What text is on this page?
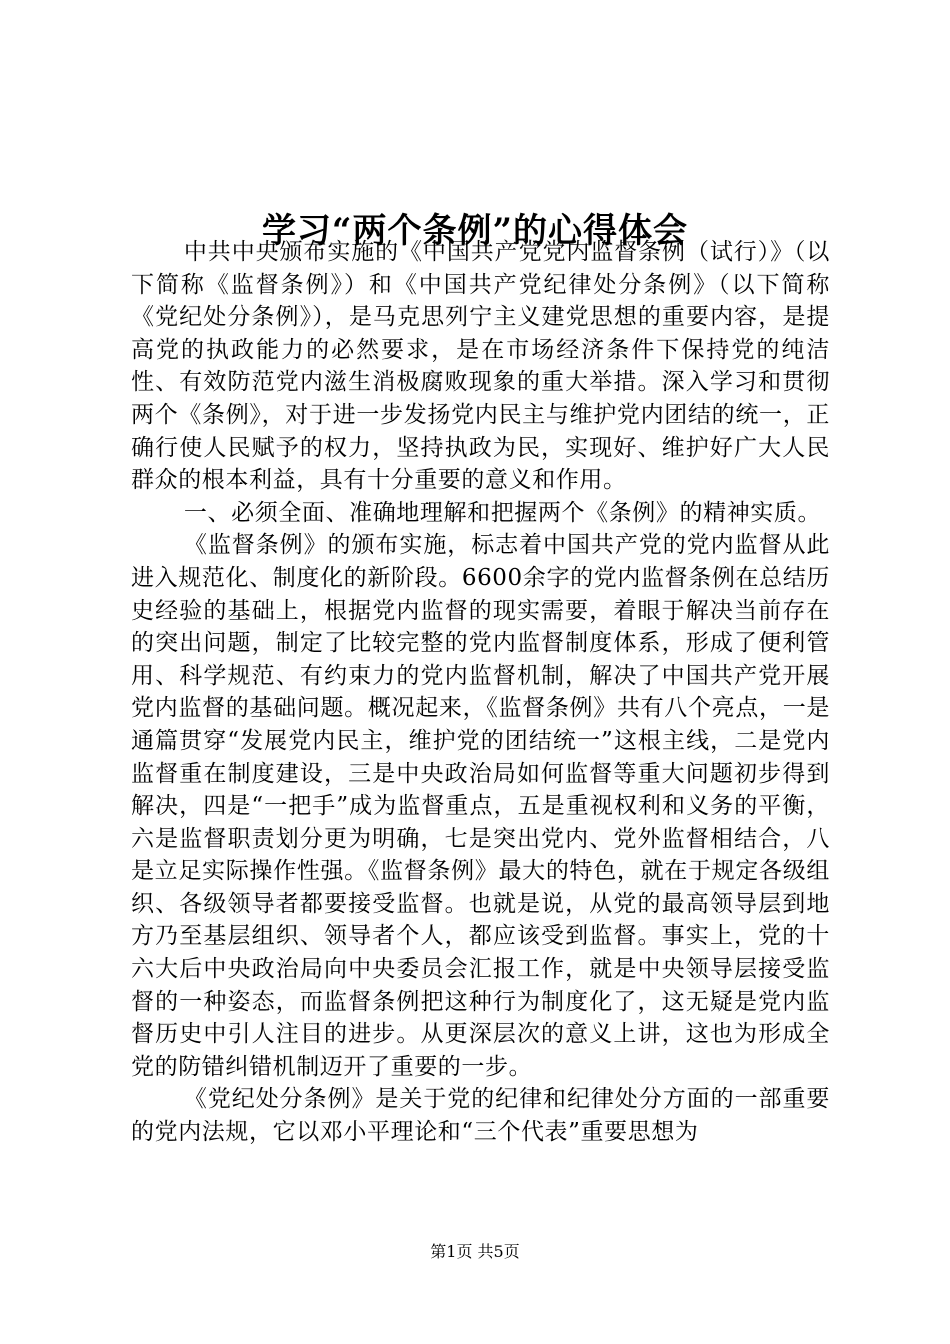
学习“两个条例”的心得体会

中共中央颁布实施的《中国共产党党内监督条例（试行）》（以下简称《监督条例》）和《中国共产党纪律处分条例》（以下简称《党纪处分条例》），是马克思列宁主义建党思想的重要内容，是提高党的执政能力的必然要求，是在市场经济条件下保持党的纯洁性、有效防范党内滋生消极腐败现象的重大举措。深入学习和贯彻两个《条例》，对于进一步发扬党内民主与维护党内团结的统一，正确行使人民赋予的权力，坚持执政为民，实现好、维护好广大人民群众的根本利益，具有十分重要的意义和作用。

一、必须全面、准确地理解和把握两个《条例》的精神实质。

《监督条例》的颁布实施，标志着中国共产党的党内监督从此进入规范化、制度化的新阶段。6600余字的党内监督条例在总结历史经验的基础上，根据党内监督的现实需要，着眼于解决当前存在的突出问题，制定了比较完整的党内监督制度体系，形成了便利管用、科学规范、有约束力的党内监督机制，解决了中国共产党开展党内监督的基础问题。概况起来，《监督条例》共有八个亮点，一是通篇贯穿“发展党内民主，维护党的团结统一”这根主线，二是党内监督重在制度建设，三是中央政治局如何监督等重大问题初步得到解决，四是“一把手”成为监督重点，五是重视权利和义务的平衡，六是监督职责划分更为明确，七是突出党内、党外监督相结合，八是立足实际操作性强。《监督条例》最大的特色，就在于规定各级组织、各级领导者都要接受监督。也就是说，从党的最高领导层到地方乃至基层组织、领导者个人，都应该受到监督。事实上，党的十六大后中央政治局向中央委员会汇报工作，就是中央领导层接受监督的一种姿态，而监督条例把这种行为制度化了，这无疑是党内监督历史中引人注目的进步。从更深层次的意义上讲，这也为形成全党的防错纠错机制迈开了重要的一步。

《党纪处分条例》是关于党的纪律和纪律处分方面的一部重要的党内法规，它以邓小平理论和“三个代表”重要思想为

第1页 共5页
